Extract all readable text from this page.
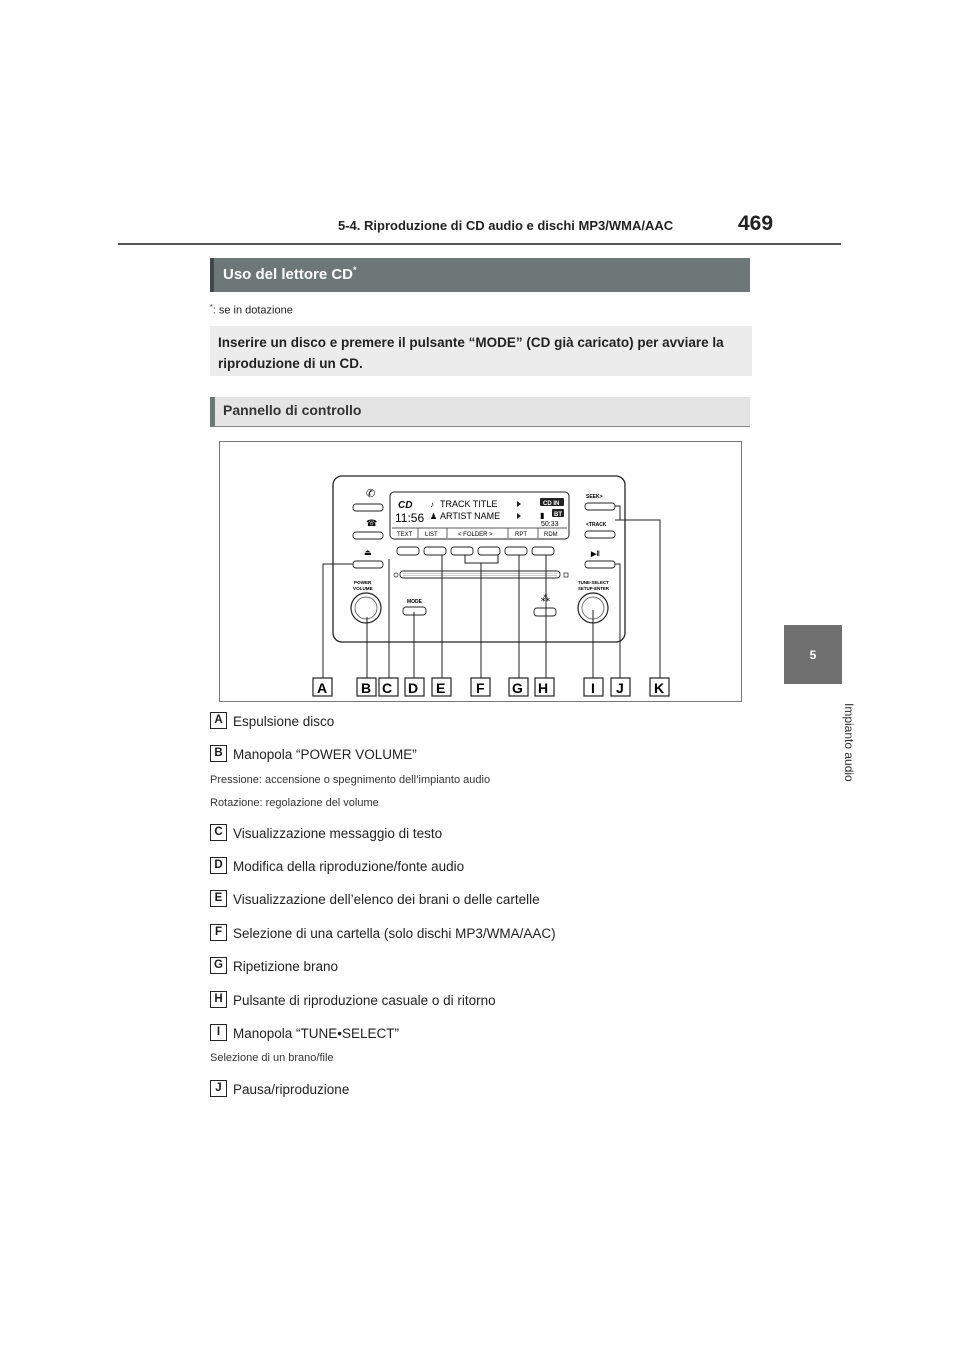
5-4. Riproduzione di CD audio e dischi MP3/WMA/AAC	469
5
Impianto audio
Uso del lettore CD*
*: se in dotazione
Inserire un disco e premere il pulsante “MODE” (CD già caricato) per avviare la riproduzione di un CD.
Pannello di controllo
CD
11:56
♪ TRACK TITLE
♟ ARTIST NAME
CD IN
▮ BT
50:33
TEXT LIST	< FOLDER >	RPT	RDM
✆
☎
⏏
POWER
VOLUME
MODE
SEEK>
<TRACK
▶ǁ
TUNE·SELECT
SETUP·ENTER
⁂
A B C D E F G H	I J K
A Espulsione disco
B Manopola “POWER VOLUME”
Pressione: accensione o spegnimento dell’impianto audio
Rotazione: regolazione del volume
C Visualizzazione messaggio di testo
D Modifica della riproduzione/fonte audio
E Visualizzazione dell’elenco dei brani o delle cartelle
F Selezione di una cartella (solo dischi MP3/WMA/AAC)
G Ripetizione brano
H Pulsante di riproduzione casuale o di ritorno
I Manopola “TUNE•SELECT”
Selezione di un brano/file
J Pausa/riproduzione
